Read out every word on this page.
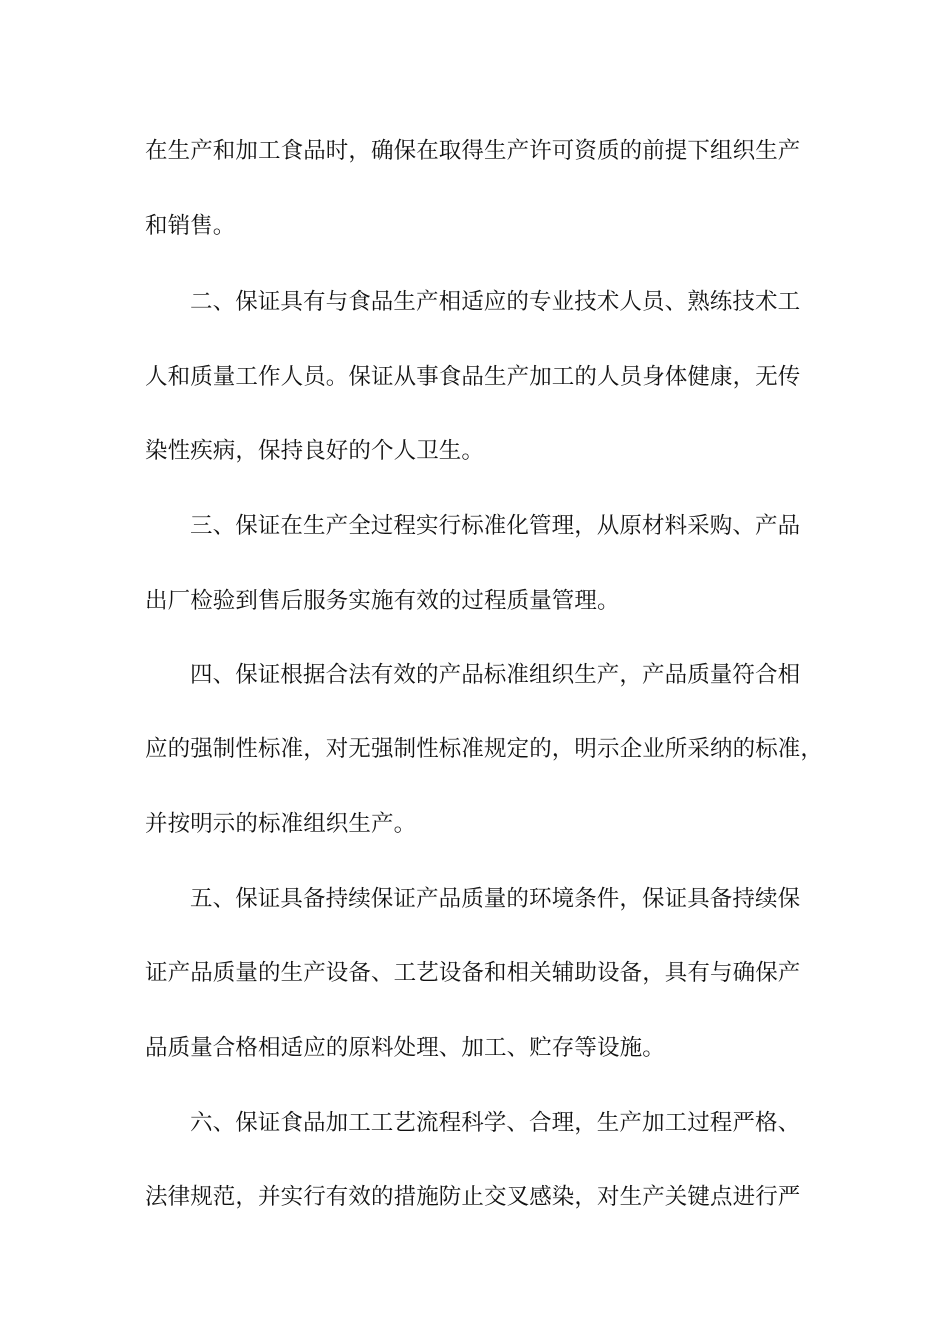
在生产和加工食品时，确保在取得生产许可资质的前提下组织生产
和销售。
二、保证具有与食品生产相适应的专业技术人员、熟练技术工
人和质量工作人员。保证从事食品生产加工的人员身体健康，无传
染性疾病，保持良好的个人卫生。
三、保证在生产全过程实行标准化管理，从原材料采购、产品
出厂检验到售后服务实施有效的过程质量管理。
四、保证根据合法有效的产品标准组织生产，产品质量符合相
应的强制性标准，对无强制性标准规定的，明示企业所采纳的标准，
并按明示的标准组织生产。
五、保证具备持续保证产品质量的环境条件，保证具备持续保
证产品质量的生产设备、工艺设备和相关辅助设备，具有与确保产
品质量合格相适应的原料处理、加工、贮存等设施。
六、保证食品加工工艺流程科学、合理，生产加工过程严格、
法律规范，并实行有效的措施防止交叉感染，对生产关键点进行严
